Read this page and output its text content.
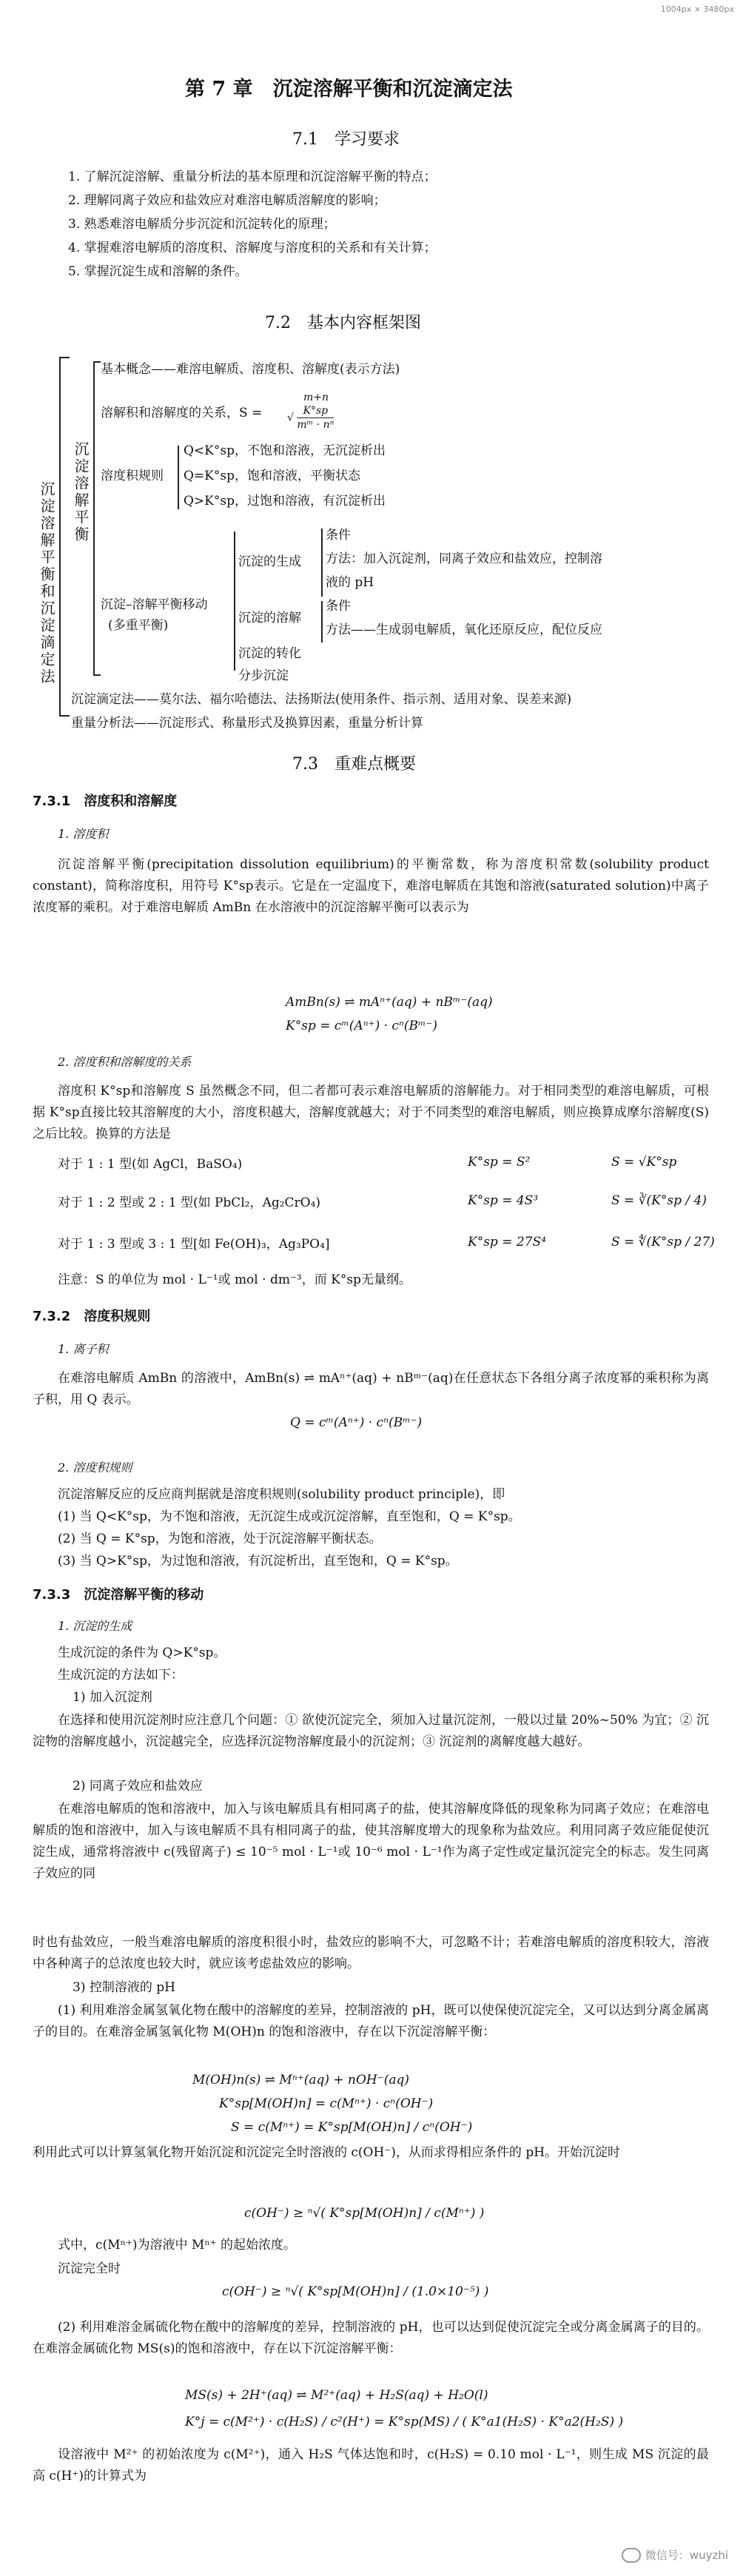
1004px × 3480px
第 7 章　沉淀溶解平衡和沉淀滴定法
7.1　学习要求
1. 了解沉淀溶解、重量分析法的基本原理和沉淀溶解平衡的特点；
2. 理解同离子效应和盐效应对难溶电解质溶解度的影响；
3. 熟悉难溶电解质分步沉淀和沉淀转化的原理；
4. 掌握难溶电解质的溶度积、溶解度与溶度积的关系和有关计算；
5. 掌握沉淀生成和溶解的条件。
7.2　基本内容框架图
沉淀溶解平衡和沉淀滴定法 沉淀溶解平衡
基本概念——难溶电解质、溶度积、溶解度(表示方法)
溶解积和溶解度的关系，S =
m+n
√ $\frac{K^\circ sp}{\text{mᵐ · nⁿ}}$
溶度积规则
Q<K°sp，不饱和溶液，无沉淀析出
Q=K°sp，饱和溶液，平衡状态
Q>K°sp，过饱和溶液，有沉淀析出
沉淀–溶解平衡移动
(多重平衡)
沉淀的生成
条件
方法：加入沉淀剂，同离子效应和盐效应，控制溶
液的 pH
沉淀的溶解
条件
方法——生成弱电解质，氧化还原反应，配位反应
沉淀的转化
分步沉淀
沉淀滴定法——莫尔法、福尔哈德法、法扬斯法(使用条件、指示剂、适用对象、误差来源)
重量分析法——沉淀形式、称量形式及换算因素，重量分析计算
7.3　重难点概要
7.3.1　溶度积和溶解度
1. 溶度积
沉淀溶解平衡(precipitation dissolution equilibrium)的平衡常数，称为溶度积常数(solubility product constant)，简称溶度积，用符号 K°sp表示。它是在一定温度下，难溶电解质在其饱和溶液(saturated solution)中离子浓度幂的乘积。对于难溶电解质 AmBn 在水溶液中的沉淀溶解平衡可以表示为
AmBn(s) ⇌ mAⁿ⁺(aq) + nBᵐ⁻(aq)
K°sp = cᵐ(Aⁿ⁺) · cⁿ(Bᵐ⁻)
2. 溶度积和溶解度的关系
溶度积 K°sp和溶解度 S 虽然概念不同，但二者都可表示难溶电解质的溶解能力。对于相同类型的难溶电解质，可根据 K°sp直接比较其溶解度的大小，溶度积越大，溶解度就越大；对于不同类型的难溶电解质，则应换算成摩尔溶解度(S)之后比较。换算的方法是
对于 1 : 1 型(如 AgCl，BaSO₄)	K°sp = S²	S = √K°sp
对于 1 : 2 型或 2 : 1 型(如 PbCl₂，Ag₂CrO₄)	K°sp = 4S³	S = ∛(K°sp / 4)
对于 1 : 3 型或 3 : 1 型[如 Fe(OH)₃，Ag₃PO₄]	K°sp = 27S⁴	S = ∜(K°sp / 27)
注意：S 的单位为 mol · L⁻¹或 mol · dm⁻³，而 K°sp无量纲。
7.3.2　溶度积规则
1. 离子积
在难溶电解质 AmBn 的溶液中，AmBn(s) ⇌ mAⁿ⁺(aq) + nBᵐ⁻(aq)在任意状态下各组分离子浓度幂的乘积称为离子积，用 Q 表示。
Q = cᵐ(Aⁿ⁺) · cⁿ(Bᵐ⁻)
2. 溶度积规则
沉淀溶解反应的反应商判据就是溶度积规则(solubility product principle)，即
(1) 当 Q<K°sp，为不饱和溶液，无沉淀生成或沉淀溶解，直至饱和，Q = K°sp。
(2) 当 Q = K°sp，为饱和溶液，处于沉淀溶解平衡状态。
(3) 当 Q>K°sp，为过饱和溶液，有沉淀析出，直至饱和，Q = K°sp。
7.3.3　沉淀溶解平衡的移动
1. 沉淀的生成
生成沉淀的条件为 Q>K°sp。
生成沉淀的方法如下：
1) 加入沉淀剂
在选择和使用沉淀剂时应注意几个问题：① 欲使沉淀完全，须加入过量沉淀剂，一般以过量 20%~50% 为宜；② 沉淀物的溶解度越小，沉淀越完全，应选择沉淀物溶解度最小的沉淀剂；③ 沉淀剂的离解度越大越好。
2) 同离子效应和盐效应
在难溶电解质的饱和溶液中，加入与该电解质具有相同离子的盐，使其溶解度降低的现象称为同离子效应；在难溶电解质的饱和溶液中，加入与该电解质不具有相同离子的盐，使其溶解度增大的现象称为盐效应。利用同离子效应能促使沉淀生成，通常将溶液中 c(残留离子) ≤ 10⁻⁵ mol · L⁻¹或 10⁻⁶ mol · L⁻¹作为离子定性或定量沉淀完全的标志。发生同离子效应的同
时也有盐效应，一般当难溶电解质的溶度积很小时，盐效应的影响不大，可忽略不计；若难溶电解质的溶度积较大，溶液中各种离子的总浓度也较大时，就应该考虑盐效应的影响。
3) 控制溶液的 pH
(1) 利用难溶金属氢氧化物在酸中的溶解度的差异，控制溶液的 pH，既可以使保使沉淀完全，又可以达到分离金属离子的目的。在难溶金属氢氧化物 M(OH)n 的饱和溶液中，存在以下沉淀溶解平衡：
M(OH)n(s) ⇌ Mⁿ⁺(aq) + nOH⁻(aq)
K°sp[M(OH)n] = c(Mⁿ⁺) · cⁿ(OH⁻)
S = c(Mⁿ⁺) = K°sp[M(OH)n] / cⁿ(OH⁻)
利用此式可以计算氢氧化物开始沉淀和沉淀完全时溶液的 c(OH⁻)，从而求得相应条件的 pH。开始沉淀时
c(OH⁻) ≥ ⁿ√( K°sp[M(OH)n] / c(Mⁿ⁺) )
式中，c(Mⁿ⁺)为溶液中 Mⁿ⁺ 的起始浓度。
沉淀完全时
c(OH⁻) ≥ ⁿ√( K°sp[M(OH)n] / (1.0×10⁻⁵) )
(2) 利用难溶金属硫化物在酸中的溶解度的差异，控制溶液的 pH，也可以达到促使沉淀完全或分离金属离子的目的。在难溶金属硫化物 MS(s)的饱和溶液中，存在以下沉淀溶解平衡：
MS(s) + 2H⁺(aq) ⇌ M²⁺(aq) + H₂S(aq) + H₂O(l)
K°j = c(M²⁺) · c(H₂S) / c²(H⁺) = K°sp(MS) / ( K°a1(H₂S) · K°a2(H₂S) )
设溶液中 M²⁺ 的初始浓度为 c(M²⁺)，通入 H₂S 气体达饱和时，c(H₂S) = 0.10 mol · L⁻¹，则生成 MS 沉淀的最高 c(H⁺)的计算式为
微信号：wuyzhi
